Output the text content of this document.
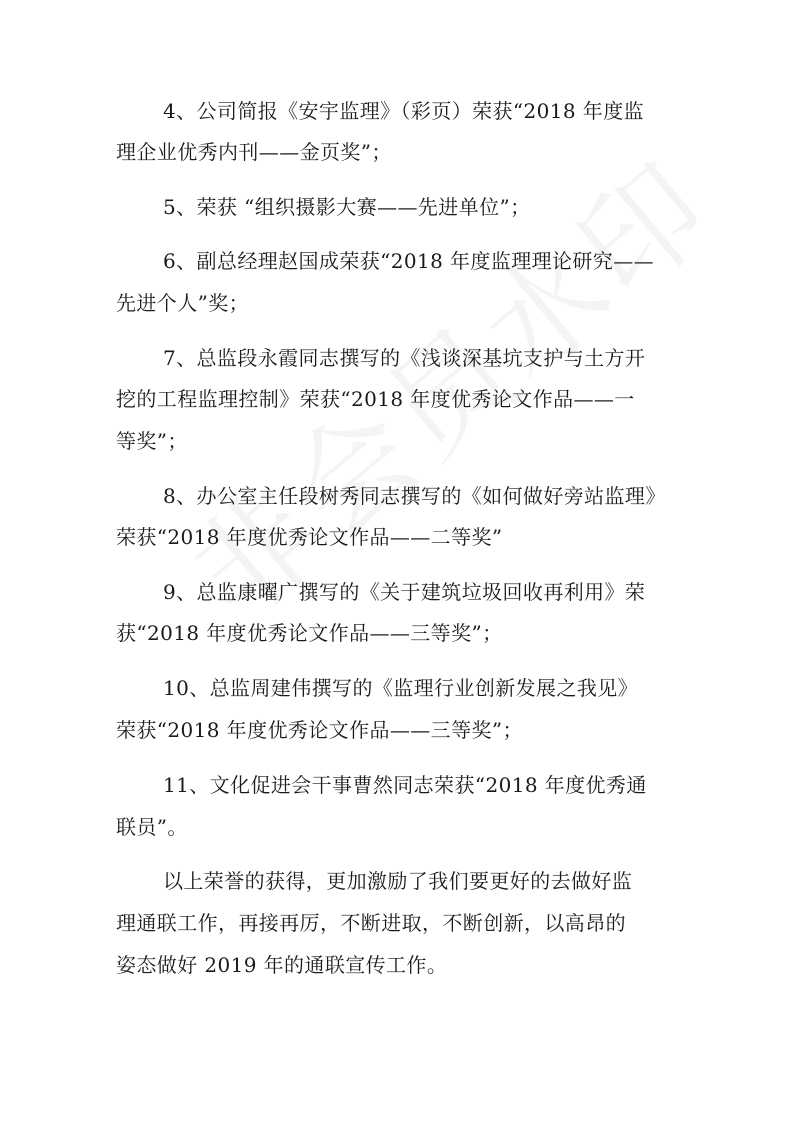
4、公司简报《安宇监理》（彩页）荣获“2018 年度监
理企业优秀内刊——金页奖”；
5、荣获 “组织摄影大赛——先进单位”；
6、副总经理赵国成荣获“2018 年度监理理论研究——
先进个人”奖；
7、总监段永霞同志撰写的《浅谈深基坑支护与土方开
挖的工程监理控制》荣获“2018 年度优秀论文作品——一
等奖”；
8、办公室主任段树秀同志撰写的《如何做好旁站监理》
荣获“2018 年度优秀论文作品——二等奖”
9、总监康曜广撰写的《关于建筑垃圾回收再利用》荣
获“2018 年度优秀论文作品——三等奖”；
10、总监周建伟撰写的《监理行业创新发展之我见》
荣获“2018 年度优秀论文作品——三等奖”；
11、文化促进会干事曹然同志荣获“2018 年度优秀通
联员”。
以上荣誉的获得，更加激励了我们要更好的去做好监
理通联工作，再接再厉，不断进取，不断创新，以高昂的
姿态做好 2019 年的通联宣传工作。
